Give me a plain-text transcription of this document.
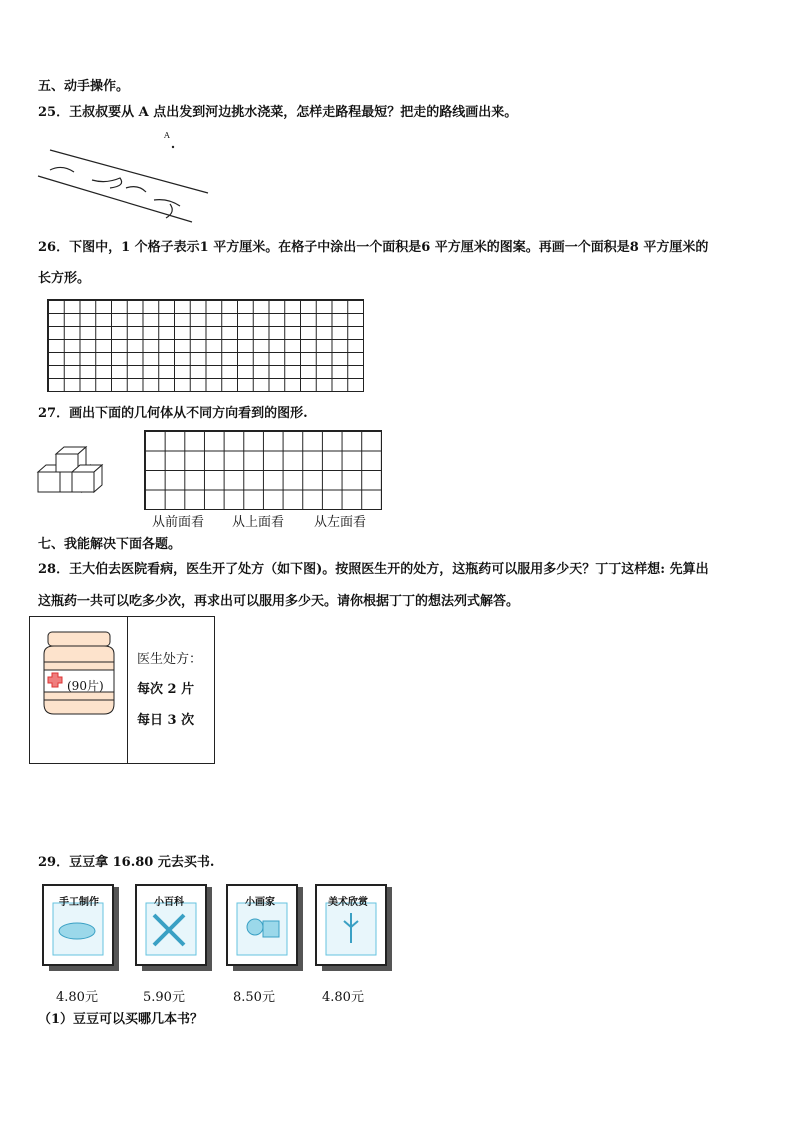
五、动手操作。
25．王叔叔要从 A 点出发到河边挑水浇菜，怎样走路程最短？把走的路线画出来。
A
26．下图中，1 个格子表示1 平方厘米。在格子中涂出一个面积是6 平方厘米的图案。再画一个面积是8 平方厘米的
长方形。
27．画出下面的几何体从不同方向看到的图形.
从前面看 从上面看 从左面看
七、我能解决下面各题。
28．王大伯去医院看病，医生开了处方（如下图)。按照医生开的处方，这瓶药可以服用多少天？丁丁这样想: 先算出
这瓶药一共可以吃多少次，再求出可以服用多少天。请你根据丁丁的想法列式解答。
(90片)
医生处方：
每次 2 片
每日 3 次
29．豆豆拿 16.80 元去买书.
手工制作	小百科	小画家	美术欣赏
4.80元	5.90元	8.50元	4.80元
（1）豆豆可以买哪几本书？
